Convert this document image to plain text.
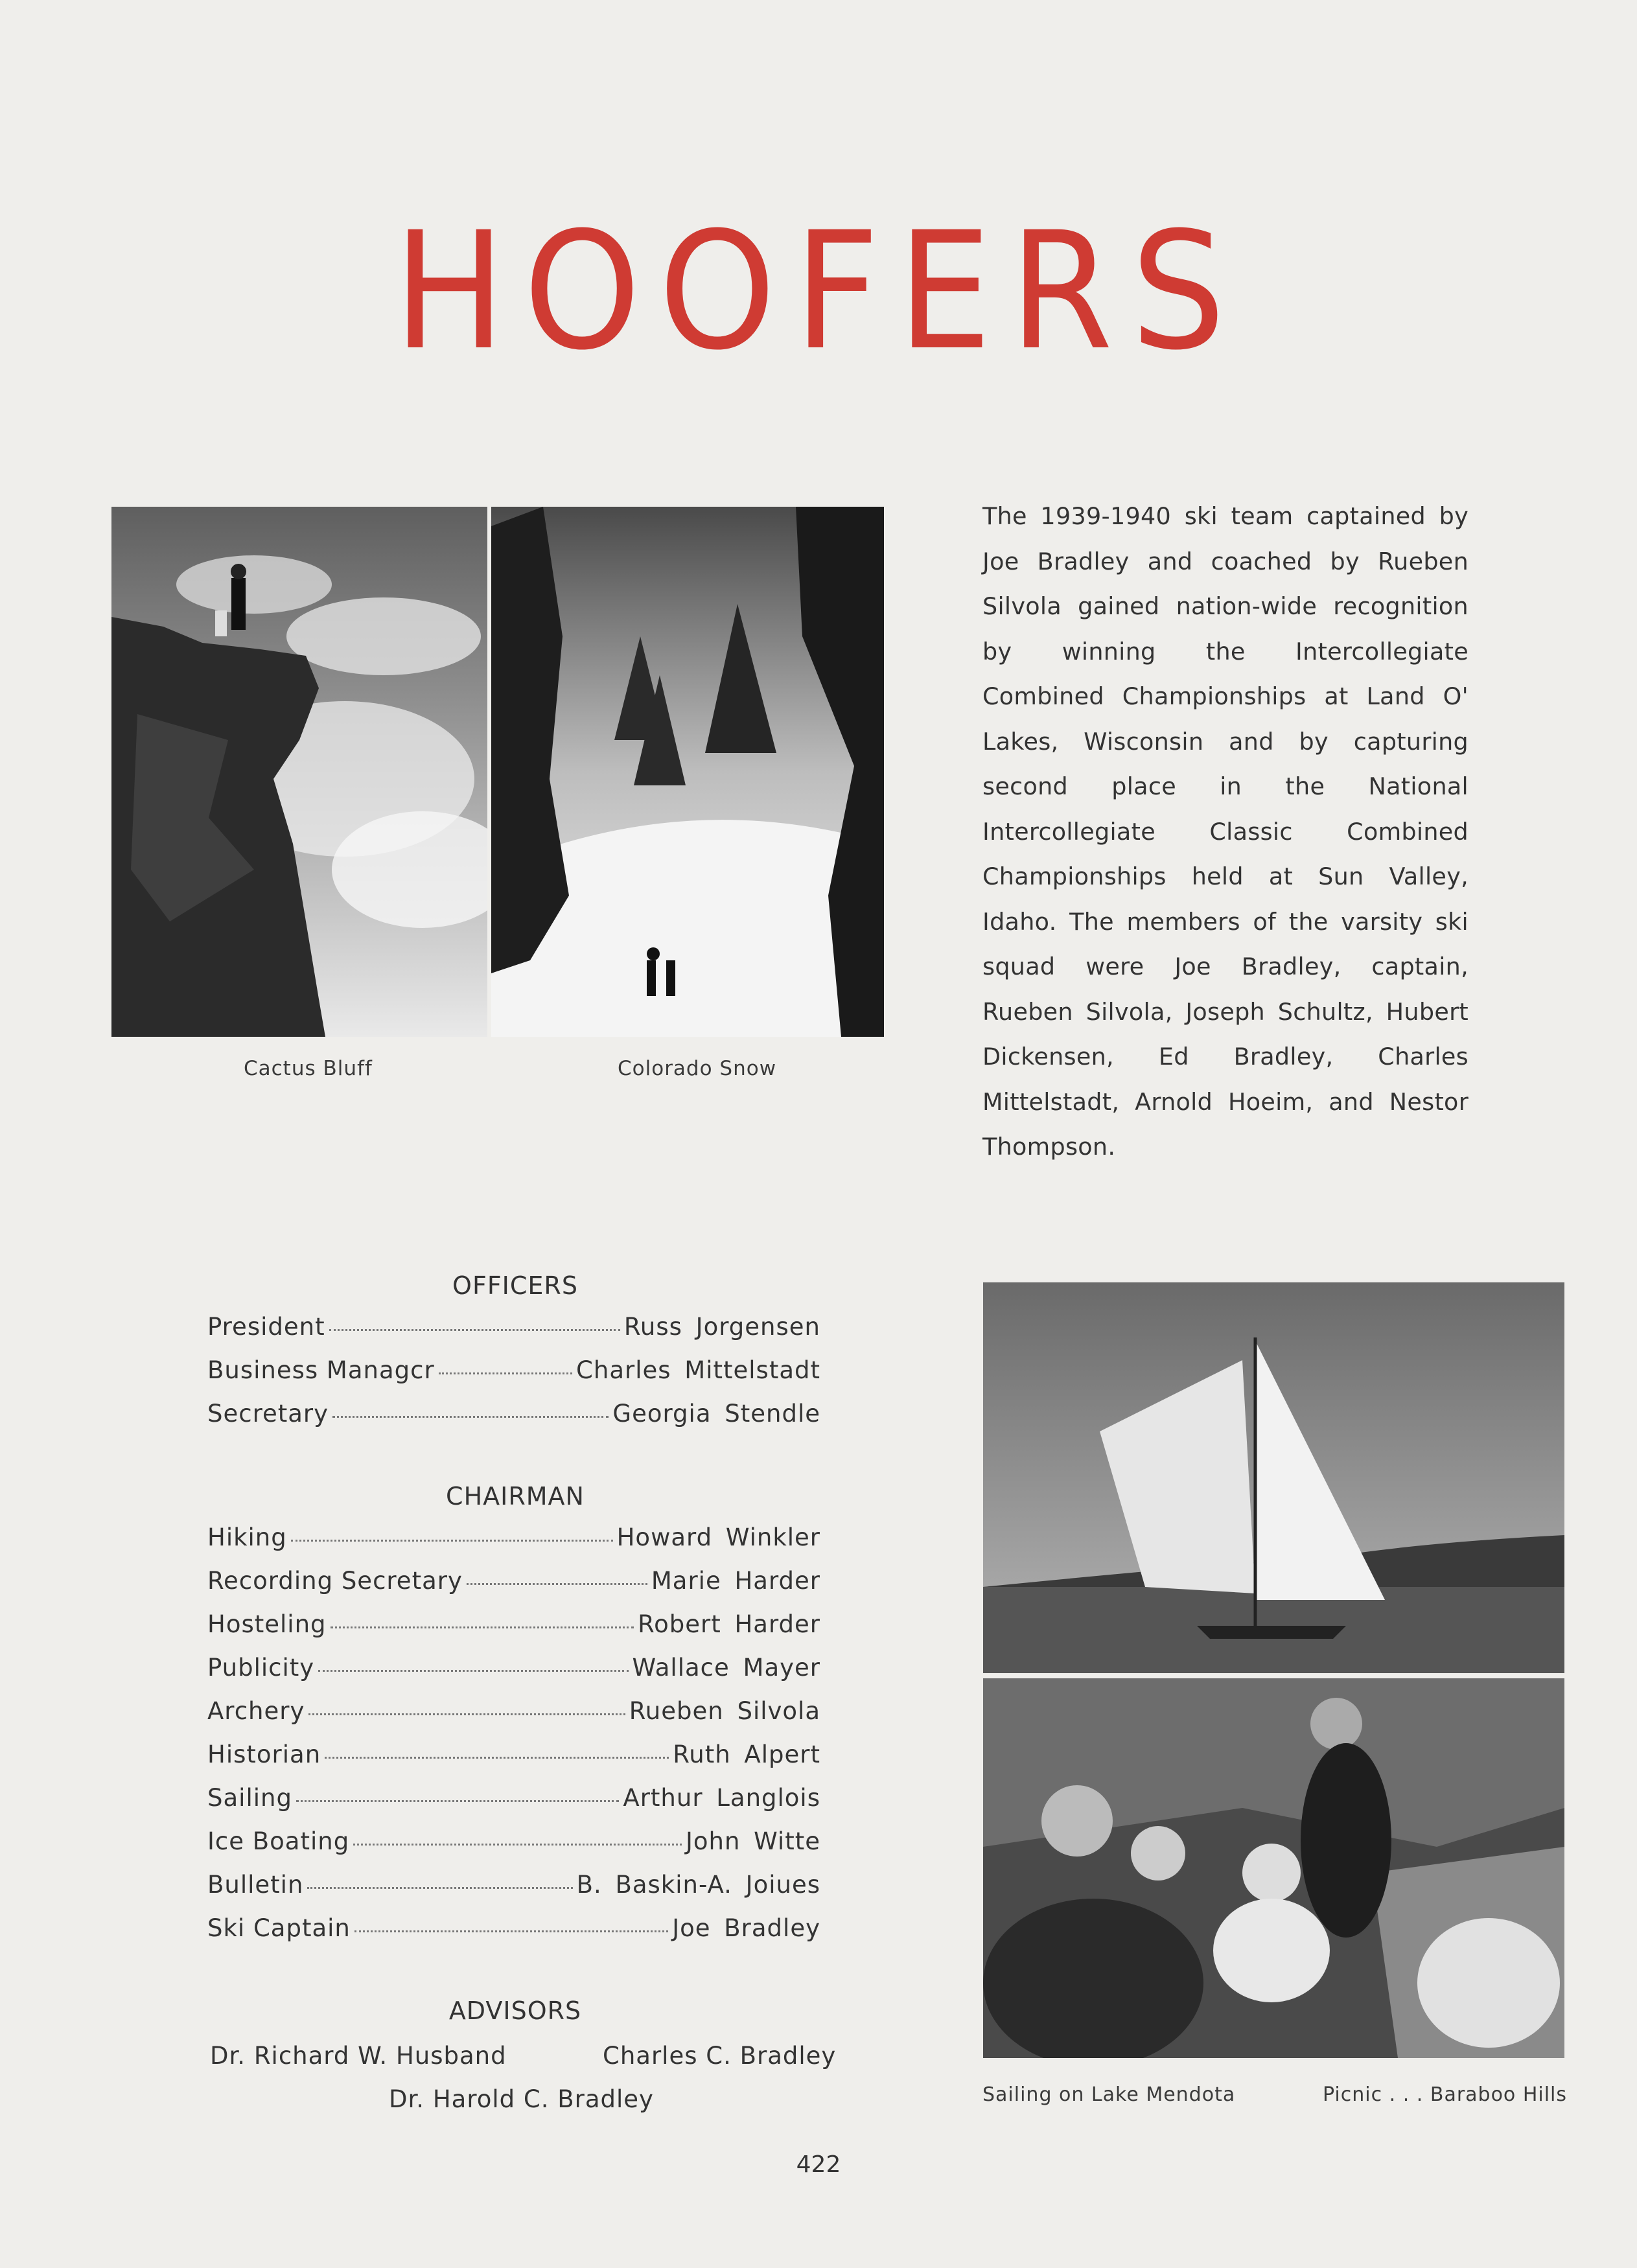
HOOFERS
Cactus Bluff	Colorado Snow
The 1939-1940 ski team captained by Joe Bradley and coached by Rueben Silvola gained nation-wide recognition by winning the Intercollegiate Combined Championships at Land O' Lakes, Wisconsin and by capturing second place in the National Intercollegiate Classic Combined Championships held at Sun Valley, Idaho. The members of the varsity ski squad were Joe Bradley, captain, Rueben Silvola, Joseph Schultz, Hubert Dickensen, Ed Bradley, Charles Mittelstadt, Arnold Hoeim, and Nestor Thompson.
OFFICERS
President	Russ Jorgensen
Business Managcr	Charles Mittelstadt
Secretary	Georgia Stendle
CHAIRMAN
Hiking	Howard Winkler
Recording Secretary	Marie Harder
Hosteling	Robert Harder
Publicity	Wallace Mayer
Archery	Rueben Silvola
Historian	Ruth Alpert
Sailing	Arthur Langlois
Ice Boating	John Witte
Bulletin	B. Baskin-A. Joiues
Ski Captain	Joe Bradley
ADVISORS
Dr. Richard W. Husband	Charles C. Bradley
Dr. Harold C. Bradley	Sailing on Lake Mendota	Picnic . . . Baraboo Hills
422
